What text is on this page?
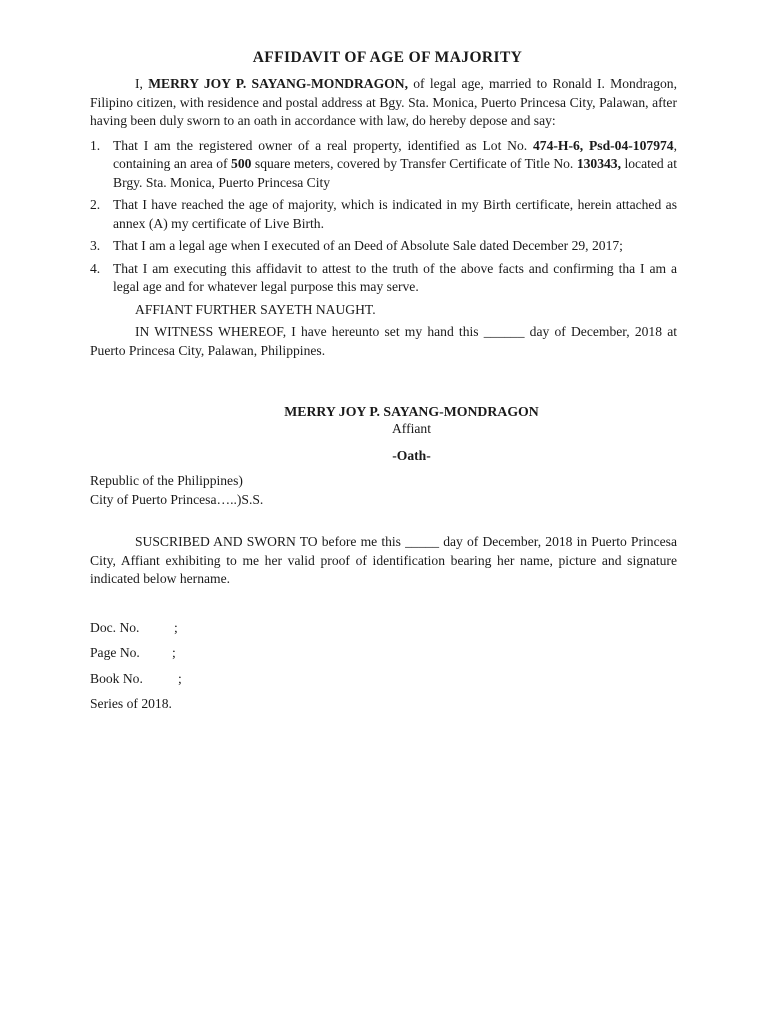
AFFIDAVIT OF AGE OF MAJORITY

I, MERRY JOY P. SAYANG-MONDRAGON, of legal age, married to Ronald I. Mondragon, Filipino citizen, with residence and postal address at Bgy. Sta. Monica, Puerto Princesa City, Palawan, after having been duly sworn to an oath in accordance with law, do hereby depose and say:

1. That I am the registered owner of a real property, identified as Lot No. 474-H-6, Psd-04-107974, containing an area of 500 square meters, covered by Transfer Certificate of Title No. 130343, located at Brgy. Sta. Monica, Puerto Princesa City
2. That I have reached the age of majority, which is indicated in my Birth certificate, herein attached as annex (A) my certificate of Live Birth.
3. That I am a legal age when I executed of an Deed of Absolute Sale dated December 29, 2017;
4. That I am executing this affidavit to attest to the truth of the above facts and confirming tha I am a legal age and for whatever legal purpose this may serve.

AFFIANT FURTHER SAYETH NAUGHT.

IN WITNESS WHEREOF, I have hereunto set my hand this ______ day of December, 2018 at Puerto Princesa City, Palawan, Philippines.

MERRY JOY P. SAYANG-MONDRAGON
Affiant
-Oath-
Republic of the Philippines)
City of Puerto Princesa…..)S.S.

SUSCRIBED AND SWORN TO before me this _____ day of December, 2018 in Puerto Princesa City, Affiant exhibiting to me her valid proof of identification bearing her name, picture and signature indicated below hername.

Doc. No.	;
Page No. ;
Book No.	;
Series of 2018.
